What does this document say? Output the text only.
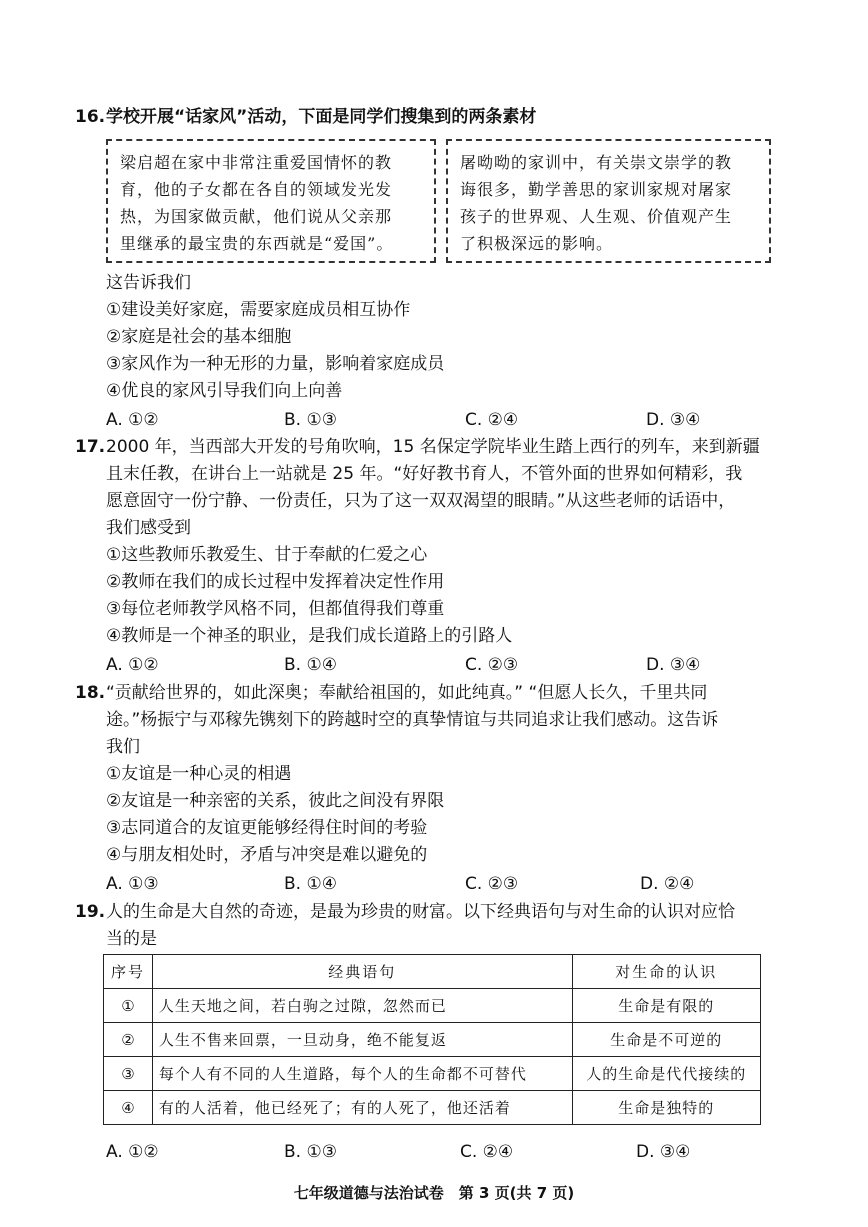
16. 学校开展“话家风”活动，下面是同学们搜集到的两条素材
梁启超在家中非常注重爱国情怀的教
育，他的子女都在各自的领域发光发
热，为国家做贡献，他们说从父亲那
里继承的最宝贵的东西就是“爱国”。
屠呦呦的家训中，有关崇文崇学的教
诲很多，勤学善思的家训家规对屠家
孩子的世界观、人生观、价值观产生
了积极深远的影响。
这告诉我们
①建设美好家庭，需要家庭成员相互协作
②家庭是社会的基本细胞
③家风作为一种无形的力量，影响着家庭成员
④优良的家风引导我们向上向善
A. ①②	B. ①③	C. ②④	D. ③④
17. 2000 年，当西部大开发的号角吹响，15 名保定学院毕业生踏上西行的列车，来到新疆
且末任教，在讲台上一站就是 25 年。“好好教书育人，不管外面的世界如何精彩，我
愿意固守一份宁静、一份责任，只为了这一双双渴望的眼睛。”从这些老师的话语中，
我们感受到
①这些教师乐教爱生、甘于奉献的仁爱之心
②教师在我们的成长过程中发挥着决定性作用
③每位老师教学风格不同，但都值得我们尊重
④教师是一个神圣的职业，是我们成长道路上的引路人
A. ①②	B. ①④	C. ②③	D. ③④
18. “贡献给世界的，如此深奥；奉献给祖国的，如此纯真。” “但愿人长久，千里共同
途。”杨振宁与邓稼先镌刻下的跨越时空的真挚情谊与共同追求让我们感动。这告诉
我们
①友谊是一种心灵的相遇
②友谊是一种亲密的关系，彼此之间没有界限
③志同道合的友谊更能够经得住时间的考验
④与朋友相处时，矛盾与冲突是难以避免的
A. ①③	B. ①④	C. ②③	D. ②④
19. 人的生命是大自然的奇迹，是最为珍贵的财富。以下经典语句与对生命的认识对应恰
当的是
序号	经典语句	对生命的认识
①	人生天地之间，若白驹之过隙，忽然而已	生命是有限的
②	人生不售来回票，一旦动身，绝不能复返	生命是不可逆的
③	每个人有不同的人生道路，每个人的生命都不可替代	人的生命是代代接续的
④	有的人活着，他已经死了；有的人死了，他还活着	生命是独特的
A. ①②	B. ①③	C. ②④	D. ③④
七年级道德与法治试卷　第 3 页(共 7 页)
